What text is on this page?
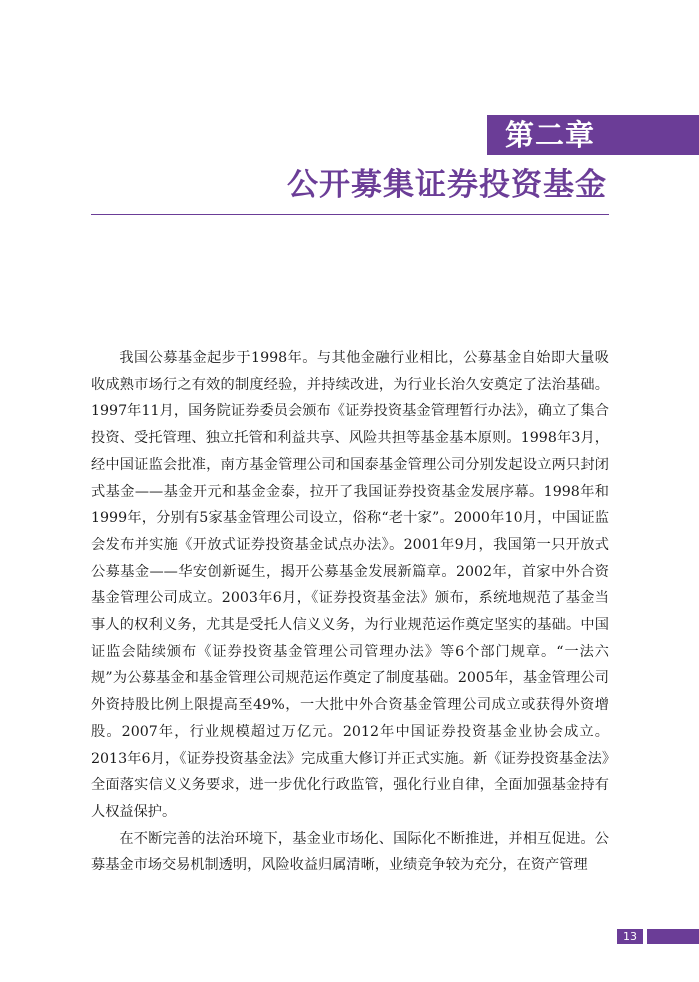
第二章
公开募集证券投资基金

我国公募基金起步于1998年。与其他金融行业相比，公募基金自始即大量吸收成熟市场行之有效的制度经验，并持续改进，为行业长治久安奠定了法治基础。1997年11月，国务院证券委员会颁布《证券投资基金管理暂行办法》，确立了集合投资、受托管理、独立托管和利益共享、风险共担等基金基本原则。1998年3月，经中国证监会批准，南方基金管理公司和国泰基金管理公司分别发起设立两只封闭式基金——基金开元和基金金泰，拉开了我国证券投资基金发展序幕。1998年和1999年，分别有5家基金管理公司设立，俗称“老十家”。2000年10月，中国证监会发布并实施《开放式证券投资基金试点办法》。2001年9月，我国第一只开放式公募基金——华安创新诞生，揭开公募基金发展新篇章。2002年，首家中外合资基金管理公司成立。2003年6月，《证券投资基金法》颁布，系统地规范了基金当事人的权利义务，尤其是受托人信义义务，为行业规范运作奠定坚实的基础。中国证监会陆续颁布《证券投资基金管理公司管理办法》等6个部门规章。“一法六规”为公募基金和基金管理公司规范运作奠定了制度基础。2005年，基金管理公司外资持股比例上限提高至49%，一大批中外合资基金管理公司成立或获得外资增股。2007年，行业规模超过万亿元。2012年中国证券投资基金业协会成立。2013年6月，《证券投资基金法》完成重大修订并正式实施。新《证券投资基金法》全面落实信义义务要求，进一步优化行政监管，强化行业自律，全面加强基金持有人权益保护。

在不断完善的法治环境下，基金业市场化、国际化不断推进，并相互促进。公募基金市场交易机制透明，风险收益归属清晰，业绩竞争较为充分，在资产管理

13
